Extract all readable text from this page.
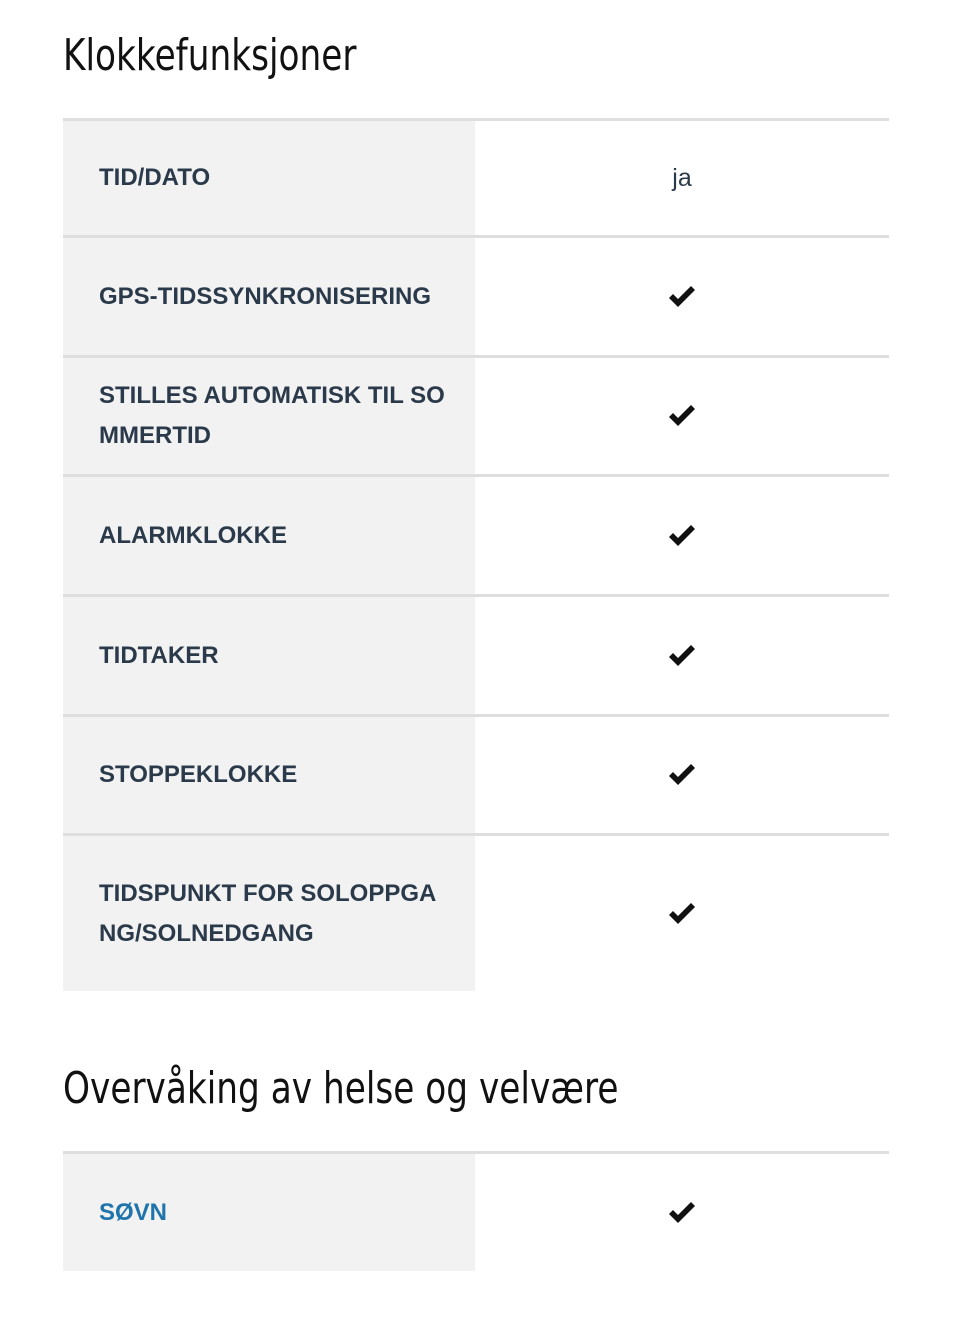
Klokkefunksjoner
TID/DATO	ja
GPS-TIDSSYNKRONISERING
STILLES AUTOMATISK TIL SOMMERTID
ALARMKLOKKE
TIDTAKER
STOPPEKLOKKE
TIDSPUNKT FOR SOLOPPGANG/SOLNEDGANG
Overvåking av helse og velvære
SØVN
